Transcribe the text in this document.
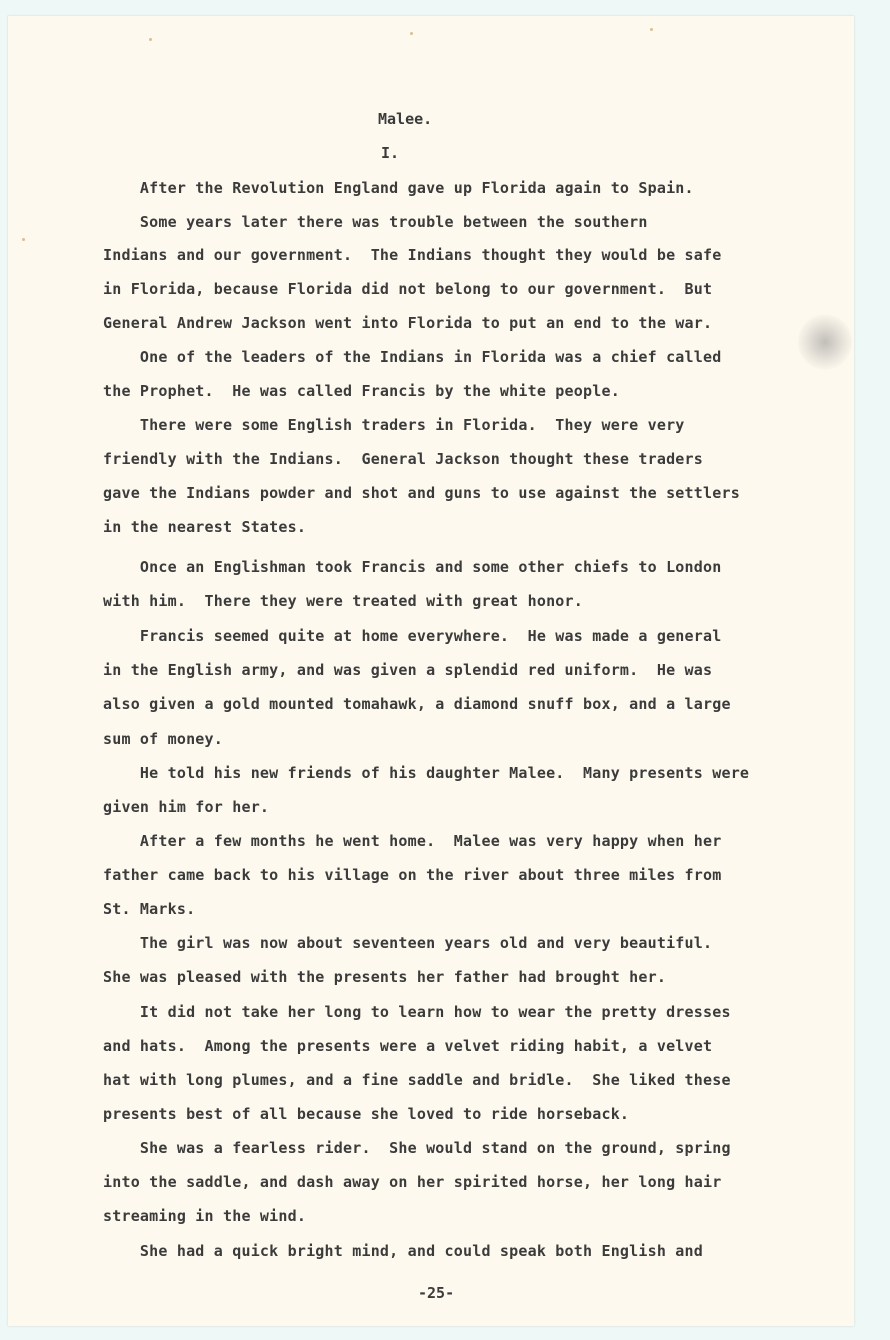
Malee.
I.

After the Revolution England gave up Florida again to Spain.

Some years later there was trouble between the southern

Indians and our government.  The Indians thought they would be safe

in Florida, because Florida did not belong to our government.  But

General Andrew Jackson went into Florida to put an end to the war.

One of the leaders of the Indians in Florida was a chief called

the Prophet.  He was called Francis by the white people.

There were some English traders in Florida.  They were very

friendly with the Indians.  General Jackson thought these traders

gave the Indians powder and shot and guns to use against the settlers

in the nearest States.

Once an Englishman took Francis and some other chiefs to London

with him.  There they were treated with great honor.

Francis seemed quite at home everywhere.  He was made a general

in the English army, and was given a splendid red uniform.  He was

also given a gold mounted tomahawk, a diamond snuff box, and a large

sum of money.

He told his new friends of his daughter Malee.  Many presents were

given him for her.

After a few months he went home.  Malee was very happy when her

father came back to his village on the river about three miles from

St. Marks.

The girl was now about seventeen years old and very beautiful.

She was pleased with the presents her father had brought her.

It did not take her long to learn how to wear the pretty dresses

and hats.  Among the presents were a velvet riding habit, a velvet

hat with long plumes, and a fine saddle and bridle.  She liked these

presents best of all because she loved to ride horseback.

She was a fearless rider.  She would stand on the ground, spring

into the saddle, and dash away on her spirited horse, her long hair

streaming in the wind.

She had a quick bright mind, and could speak both English and

-25-
